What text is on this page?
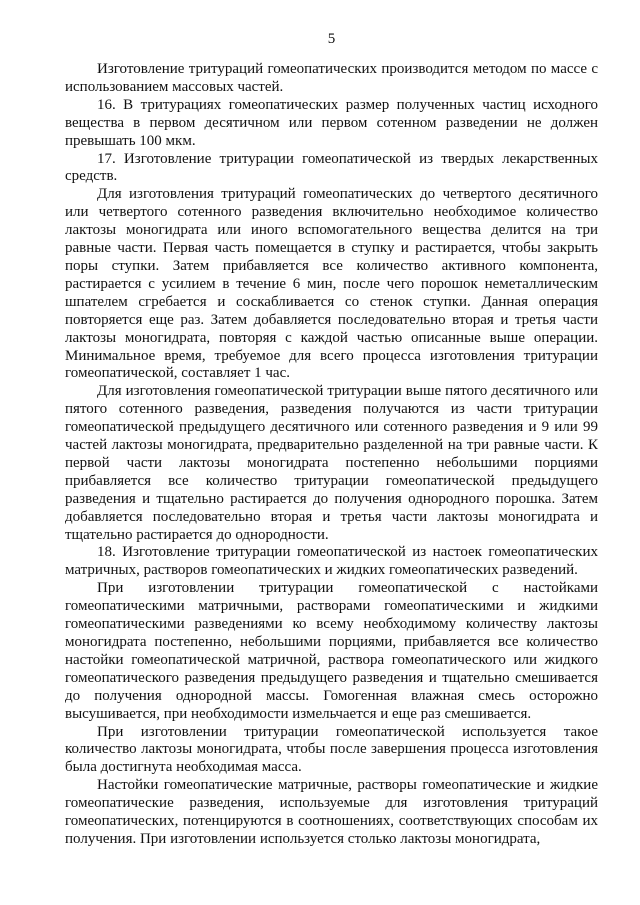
5

Изготовление тритураций гомеопатических производится методом по массе с использованием массовых частей.

16. В тритурациях гомеопатических размер полученных частиц исходного вещества в первом десятичном или первом сотенном разведении не должен превышать 100 мкм.

17. Изготовление тритурации гомеопатической из твердых лекарственных средств.

Для изготовления тритураций гомеопатических до четвертого десятичного или четвертого сотенного разведения включительно необходимое количество лактозы моногидрата или иного вспомогательного вещества делится на три равные части. Первая часть помещается в ступку и растирается, чтобы закрыть поры ступки. Затем прибавляется все количество активного компонента, растирается с усилием в течение 6 мин, после чего порошок неметаллическим шпателем сгребается и соскабливается со стенок ступки. Данная операция повторяется еще раз. Затем добавляется последовательно вторая и третья части лактозы моногидрата, повторяя с каждой частью описанные выше операции. Минимальное время, требуемое для всего процесса изготовления тритурации гомеопатической, составляет 1 час.

Для изготовления гомеопатической тритурации выше пятого десятичного или пятого сотенного разведения, разведения получаются из части тритурации гомеопатической предыдущего десятичного или сотенного разведения и 9 или 99 частей лактозы моногидрата, предварительно разделенной на три равные части. К первой части лактозы моногидрата постепенно небольшими порциями прибавляется все количество тритурации гомеопатической предыдущего разведения и тщательно растирается до получения однородного порошка. Затем добавляется последовательно вторая и третья части лактозы моногидрата и тщательно растирается до однородности.

18. Изготовление тритурации гомеопатической из настоек гомеопатических матричных, растворов гомеопатических и жидких гомеопатических разведений.

При изготовлении тритурации гомеопатической с настойками гомеопатическими матричными, растворами гомеопатическими и жидкими гомеопатическими разведениями ко всему необходимому количеству лактозы моногидрата постепенно, небольшими порциями, прибавляется все количество настойки гомеопатической матричной, раствора гомеопатического или жидкого гомеопатического разведения предыдущего разведения и тщательно смешивается до получения однородной массы. Гомогенная влажная смесь осторожно высушивается, при необходимости измельчается и еще раз смешивается.

При изготовлении тритурации гомеопатической используется такое количество лактозы моногидрата, чтобы после завершения процесса изготовления была достигнута необходимая масса.

Настойки гомеопатические матричные, растворы гомеопатические и жидкие гомеопатические разведения, используемые для изготовления тритураций гомеопатических, потенцируются в соотношениях, соответствующих способам их получения. При изготовлении используется столько лактозы моногидрата,
